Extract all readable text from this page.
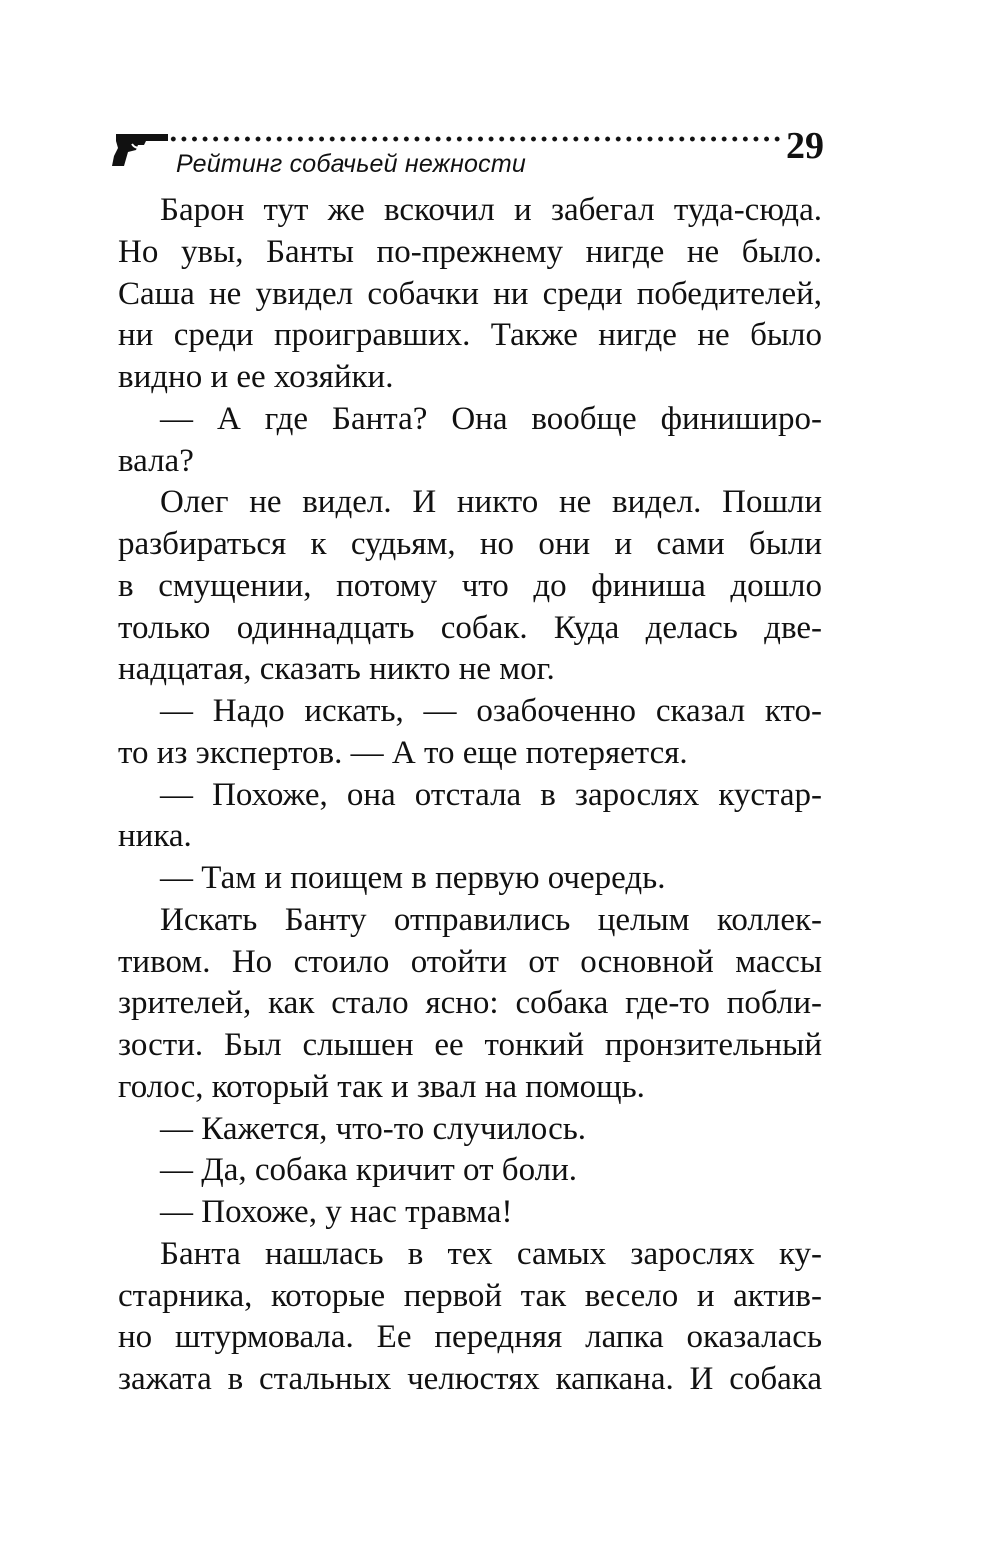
Рейтинг собачьей нежности	29
Барон тут же вскочил и забегал туда-сюда.
Но увы, Банты по-прежнему нигде не было.
Саша не увидел собачки ни среди победителей,
ни среди проигравших. Также нигде не было
видно и ее хозяйки.
— А где Банта? Она вообще финиширо-
вала?
Олег не видел. И никто не видел. Пошли
разбираться к судьям, но они и сами были
в смущении, потому что до финиша дошло
только одиннадцать собак. Куда делась две-
надцатая, сказать никто не мог.
— Надо искать, — озабоченно сказал кто-
то из экспертов. — А то еще потеряется.
— Похоже, она отстала в зарослях кустар-
ника.
— Там и поищем в первую очередь.
Искать Банту отправились целым коллек-
тивом. Но стоило отойти от основной массы
зрителей, как стало ясно: собака где-то побли-
зости. Был слышен ее тонкий пронзительный
голос, который так и звал на помощь.
— Кажется, что-то случилось.
— Да, собака кричит от боли.
— Похоже, у нас травма!
Банта нашлась в тех самых зарослях ку-
старника, которые первой так весело и актив-
но штурмовала. Ее передняя лапка оказалась
зажата в стальных челюстях капкана. И собака
